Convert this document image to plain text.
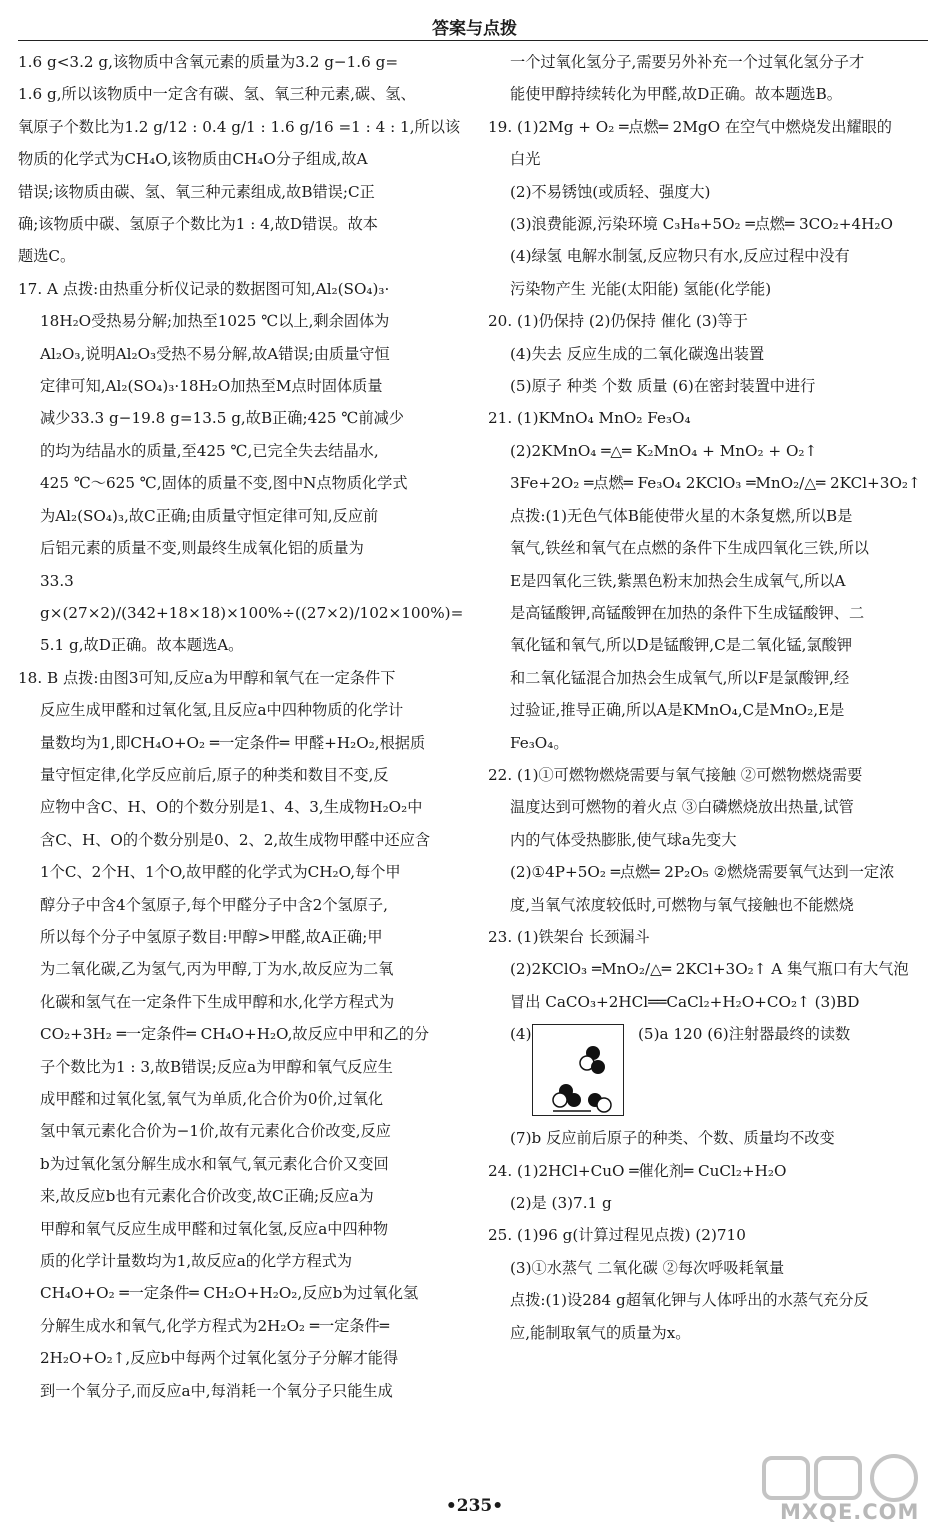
答案与点拨

1.6 g<3.2 g,该物质中含氧元素的质量为3.2 g−1.6 g=

1.6 g,所以该物质中一定含有碳、氢、氧三种元素,碳、氢、

氧原子个数比为1.2 g/12 : 0.4 g/1 : 1.6 g/16 =1 : 4 : 1,所以该

物质的化学式为CH₄O,该物质由CH₄O分子组成,故A

错误;该物质由碳、氢、氧三种元素组成,故B错误;C正

确;该物质中碳、氢原子个数比为1 : 4,故D错误。故本

题选C。

17. A 点拨:由热重分析仪记录的数据图可知,Al₂(SO₄)₃·

18H₂O受热易分解;加热至1025 ℃以上,剩余固体为

Al₂O₃,说明Al₂O₃受热不易分解,故A错误;由质量守恒

定律可知,Al₂(SO₄)₃·18H₂O加热至M点时固体质量

减少33.3 g−19.8 g=13.5 g,故B正确;425 ℃前减少

的均为结晶水的质量,至425 ℃,已完全失去结晶水,

425 ℃～625 ℃,固体的质量不变,图中N点物质化学式

为Al₂(SO₄)₃,故C正确;由质量守恒定律可知,反应前

后铝元素的质量不变,则最终生成氧化铝的质量为

33.3 g×(27×2)/(342+18×18)×100%÷((27×2)/102×100%)=

5.1 g,故D正确。故本题选A。

18. B 点拨:由图3可知,反应a为甲醇和氧气在一定条件下

反应生成甲醛和过氧化氢,且反应a中四种物质的化学计

量数均为1,即CH₄O+O₂ ═一定条件═ 甲醛+H₂O₂,根据质

量守恒定律,化学反应前后,原子的种类和数目不变,反

应物中含C、H、O的个数分别是1、4、3,生成物H₂O₂中

含C、H、O的个数分别是0、2、2,故生成物甲醛中还应含

1个C、2个H、1个O,故甲醛的化学式为CH₂O,每个甲

醇分子中含4个氢原子,每个甲醛分子中含2个氢原子,

所以每个分子中氢原子数目:甲醇>甲醛,故A正确;甲

为二氧化碳,乙为氢气,丙为甲醇,丁为水,故反应为二氧

化碳和氢气在一定条件下生成甲醇和水,化学方程式为

CO₂+3H₂ ═一定条件═ CH₄O+H₂O,故反应中甲和乙的分

子个数比为1 : 3,故B错误;反应a为甲醇和氧气反应生

成甲醛和过氧化氢,氧气为单质,化合价为0价,过氧化

氢中氧元素化合价为−1价,故有元素化合价改变,反应

b为过氧化氢分解生成水和氧气,氧元素化合价又变回

来,故反应b也有元素化合价改变,故C正确;反应a为

甲醇和氧气反应生成甲醛和过氧化氢,反应a中四种物

质的化学计量数均为1,故反应a的化学方程式为

CH₄O+O₂ ═一定条件═ CH₂O+H₂O₂,反应b为过氧化氢

分解生成水和氧气,化学方程式为2H₂O₂ ═一定条件═

2H₂O+O₂↑,反应b中每两个过氧化氢分子分解才能得

到一个氧分子,而反应a中,每消耗一个氧分子只能生成

一个过氧化氢分子,需要另外补充一个过氧化氢分子才

能使甲醇持续转化为甲醛,故D正确。故本题选B。

19. (1)2Mg + O₂ ═点燃═ 2MgO 在空气中燃烧发出耀眼的

白光

(2)不易锈蚀(或质轻、强度大)

(3)浪费能源,污染环境 C₃H₈+5O₂ ═点燃═ 3CO₂+4H₂O

(4)绿氢 电解水制氢,反应物只有水,反应过程中没有

污染物产生 光能(太阳能) 氢能(化学能)

20. (1)仍保持 (2)仍保持 催化 (3)等于

(4)失去 反应生成的二氧化碳逸出装置

(5)原子 种类 个数 质量 (6)在密封装置中进行

21. (1)KMnO₄ MnO₂ Fe₃O₄

(2)2KMnO₄ ═△═ K₂MnO₄ + MnO₂ + O₂↑

3Fe+2O₂ ═点燃═ Fe₃O₄ 2KClO₃ ═MnO₂/△═ 2KCl+3O₂↑

点拨:(1)无色气体B能使带火星的木条复燃,所以B是

氧气,铁丝和氧气在点燃的条件下生成四氧化三铁,所以

E是四氧化三铁,紫黑色粉末加热会生成氧气,所以A

是高锰酸钾,高锰酸钾在加热的条件下生成锰酸钾、二

氧化锰和氧气,所以D是锰酸钾,C是二氧化锰,氯酸钾

和二氧化锰混合加热会生成氧气,所以F是氯酸钾,经

过验证,推导正确,所以A是KMnO₄,C是MnO₂,E是

Fe₃O₄。

22. (1)①可燃物燃烧需要与氧气接触 ②可燃物燃烧需要

温度达到可燃物的着火点 ③白磷燃烧放出热量,试管

内的气体受热膨胀,使气球a先变大

(2)①4P+5O₂ ═点燃═ 2P₂O₅ ②燃烧需要氧气达到一定浓

度,当氧气浓度较低时,可燃物与氧气接触也不能燃烧

23. (1)铁架台 长颈漏斗

(2)2KClO₃ ═MnO₂/△═ 2KCl+3O₂↑ A 集气瓶口有大气泡

冒出 CaCO₃+2HCl══CaCl₂+H₂O+CO₂↑ (3)BD

(4)	(5)a 120 (6)注射器最终的读数

(7)b 反应前后原子的种类、个数、质量均不改变

24. (1)2HCl+CuO ═催化剂═ CuCl₂+H₂O

(2)是 (3)7.1 g

25. (1)96 g(计算过程见点拨) (2)710

(3)①水蒸气 二氧化碳 ②每次呼吸耗氧量

点拨:(1)设284 g超氧化钾与人体呼出的水蒸气充分反

应,能制取氧气的质量为x。

•235•	MXQE.COM
